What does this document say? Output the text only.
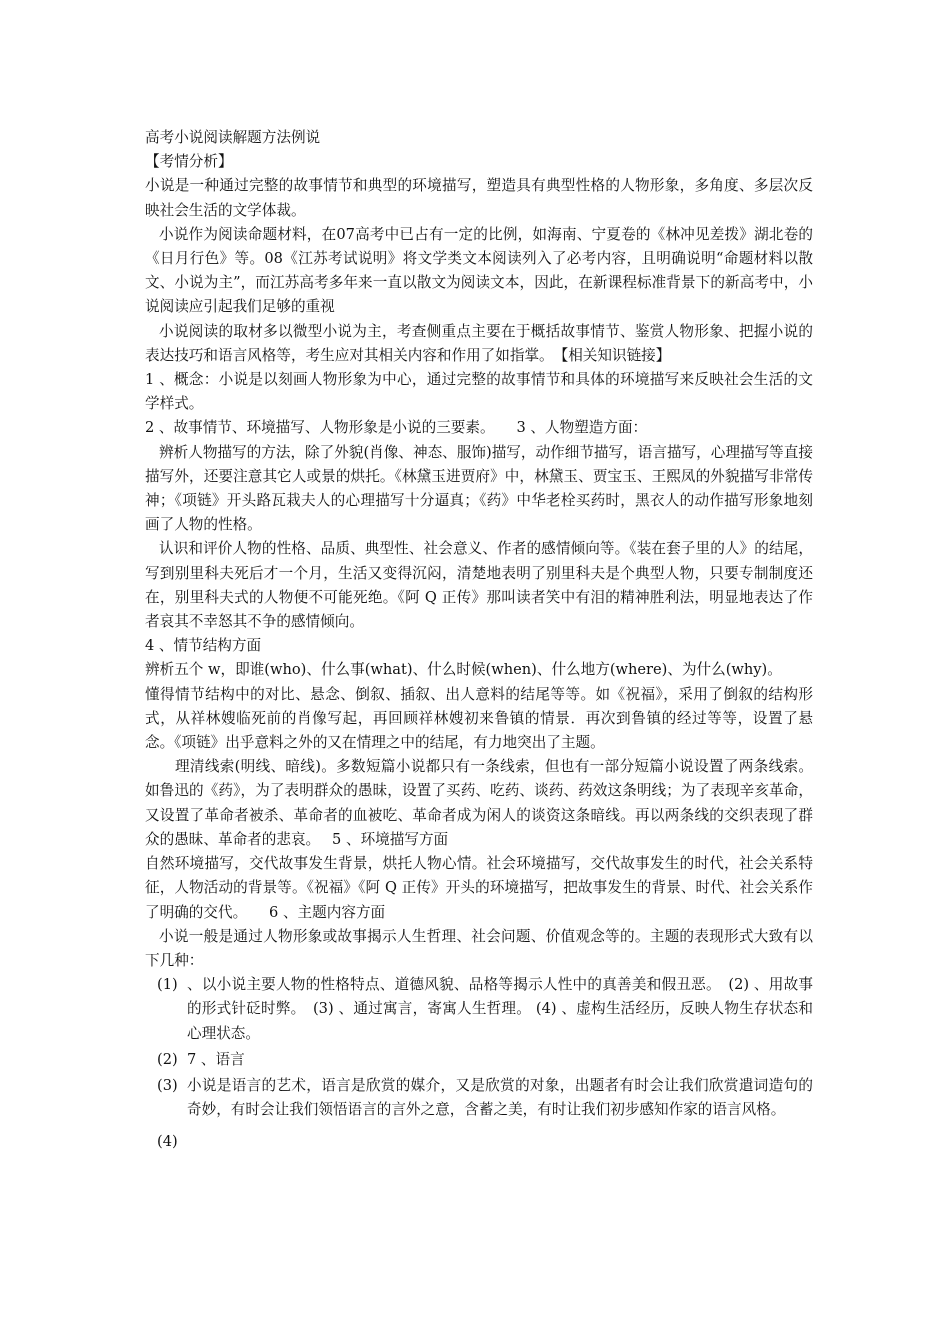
高考小说阅读解题方法例说

【考情分析】

小说是一种通过完整的故事情节和典型的环境描写，塑造具有典型性格的人物形象，多角度、多层次反映社会生活的文学体裁。

小说作为阅读命题材料，在07高考中已占有一定的比例，如海南、宁夏卷的《林冲见差拨》湖北卷的《日月行色》等。08《江苏考试说明》将文学类文本阅读列入了必考内容，且明确说明“命题材料以散文、小说为主”，而江苏高考多年来一直以散文为阅读文本，因此，在新课程标准背景下的新高考中，小说阅读应引起我们足够的重视

小说阅读的取材多以微型小说为主，考查侧重点主要在于概括故事情节、鉴赏人物形象、把握小说的表达技巧和语言风格等，考生应对其相关内容和作用了如指掌。　【相关知识链接】

1 、概念：小说是以刻画人物形象为中心，通过完整的故事情节和具体的环境描写来反映社会生活的文学样式。

2 、故事情节、环境描写、人物形象是小说的三要素。　　3 、人物塑造方面：

辨析人物描写的方法，除了外貌(肖像、神态、服饰)描写，动作细节描写，语言描写，心理描写等直接描写外，还要注意其它人或景的烘托。《林黛玉进贾府》中，林黛玉、贾宝玉、王熙凤的外貌描写非常传神；《项链》开头路瓦栽夫人的心理描写十分逼真；《药》中华老栓买药时，黑衣人的动作描写形象地刻画了人物的性格。

认识和评价人物的性格、品质、典型性、社会意义、作者的感情倾向等。《装在套子里的人》的结尾，写到别里科夫死后才一个月，生活又变得沉闷，清楚地表明了别里科夫是个典型人物，只要专制制度还在，别里科夫式的人物便不可能死绝。《阿 Q 正传》那叫读者笑中有泪的精神胜利法，明显地表达了作者哀其不幸怒其不争的感情倾向。

4 、情节结构方面

辨析五个 w，即谁(who)、什么事(what)、什么时候(when)、什么地方(where)、为什么(why)。

懂得情节结构中的对比、悬念、倒叙、插叙、出人意料的结尾等等。如《祝福》，采用了倒叙的结构形式，从祥林嫂临死前的肖像写起，再回顾祥林嫂初来鲁镇的情景．再次到鲁镇的经过等等，设置了悬念。《项链》出乎意料之外的又在情理之中的结尾，有力地突出了主题。

理清线索(明线、暗线)。多数短篇小说都只有一条线索，但也有一部分短篇小说设置了两条线索。如鲁迅的《药》，为了表明群众的愚昧，设置了买药、吃药、谈药、药效这条明线；为了表现辛亥革命，又设置了革命者被杀、革命者的血被吃、革命者成为闲人的谈资这条暗线。再以两条线的交织表现了群众的愚昧、革命者的悲哀。　 5 、环境描写方面

自然环境描写，交代故事发生背景，烘托人物心情。社会环境描写，交代故事发生的时代，社会关系特征，人物活动的背景等。《祝福》《阿 Q 正传》开头的环境描写，把故事发生的背景、时代、社会关系作了明确的交代。　　6 、主题内容方面

小说一般是通过人物形象或故事揭示人生哲理、社会问题、价值观念等的。主题的表现形式大致有以下几种：

(1) 、以小说主要人物的性格特点、道德风貌、品格等揭示人性中的真善美和假丑恶。　(2) 、用故事的形式针砭时弊。　(3) 、通过寓言，寄寓人生哲理。 (4) 、虚构生活经历，反映人物生存状态和心理状态。
(2) 7 、语言
(3) 小说是语言的艺术，语言是欣赏的媒介，又是欣赏的对象，出题者有时会让我们欣赏遣词造句的奇妙，有时会让我们领悟语言的言外之意，含蓄之美，有时让我们初步感知作家的语言风格。
(4)
